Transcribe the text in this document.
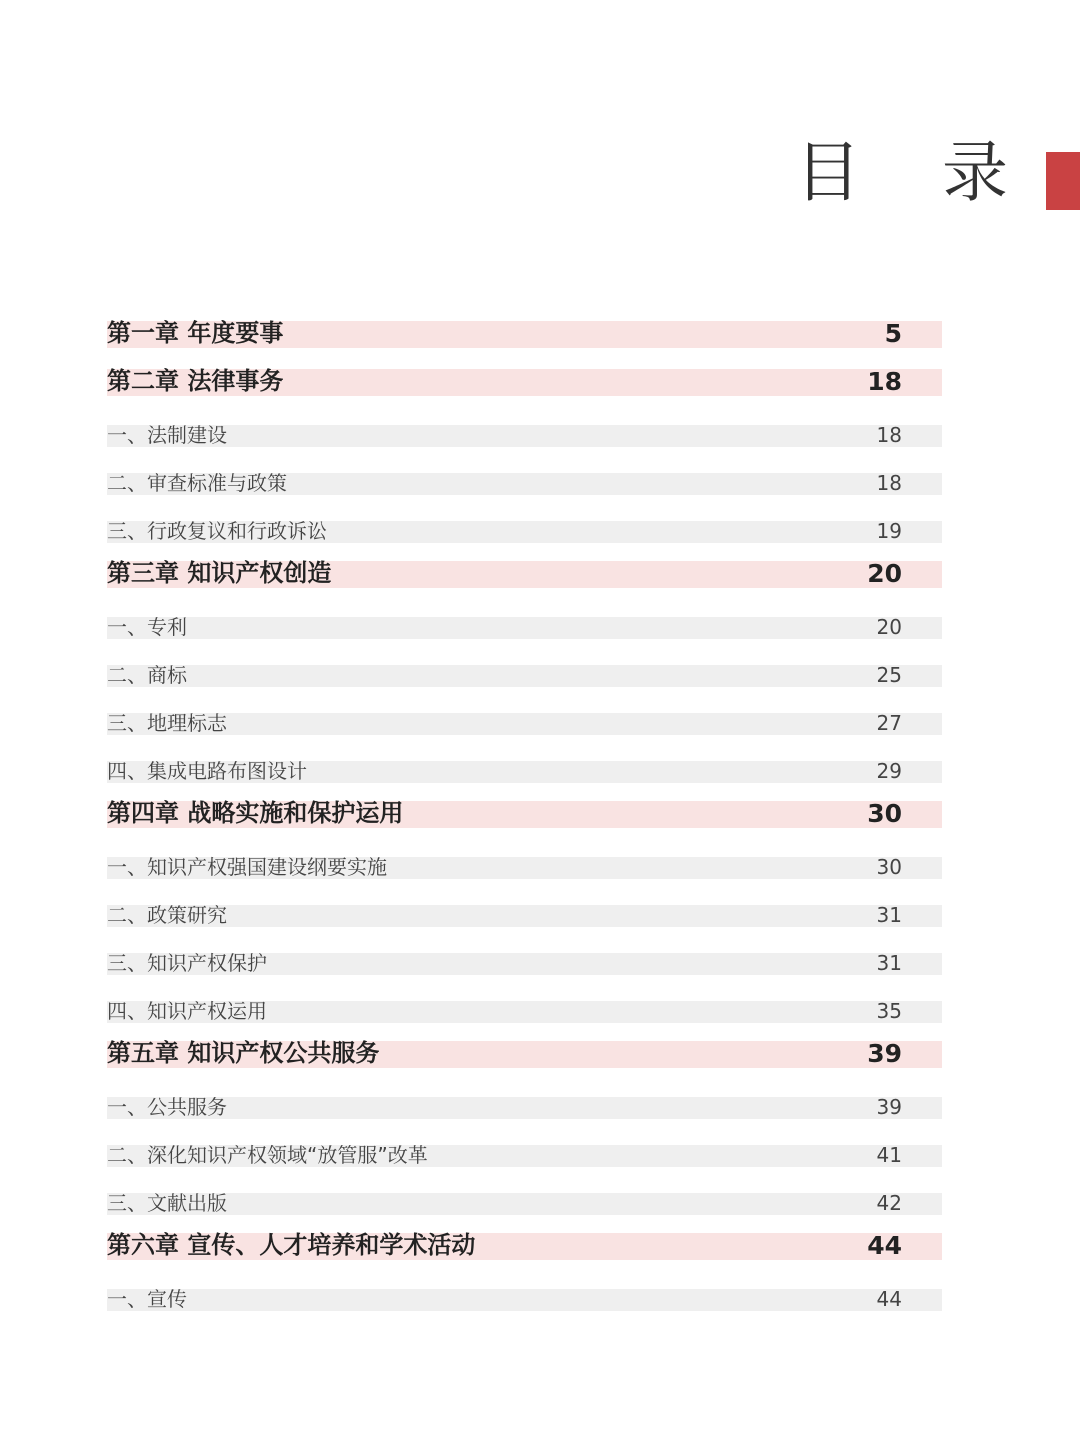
目 录
第一章 年度要事	5
第二章 法律事务	18
一、法制建设	18
二、审查标准与政策	18
三、行政复议和行政诉讼	19
第三章 知识产权创造	20
一、专利	20
二、商标	25
三、地理标志	27
四、集成电路布图设计	29
第四章 战略实施和保护运用	30
一、知识产权强国建设纲要实施	30
二、政策研究	31
三、知识产权保护	31
四、知识产权运用	35
第五章 知识产权公共服务	39
一、公共服务	39
二、深化知识产权领域“放管服”改革	41
三、文献出版	42
第六章 宣传、人才培养和学术活动	44
一、宣传	44
